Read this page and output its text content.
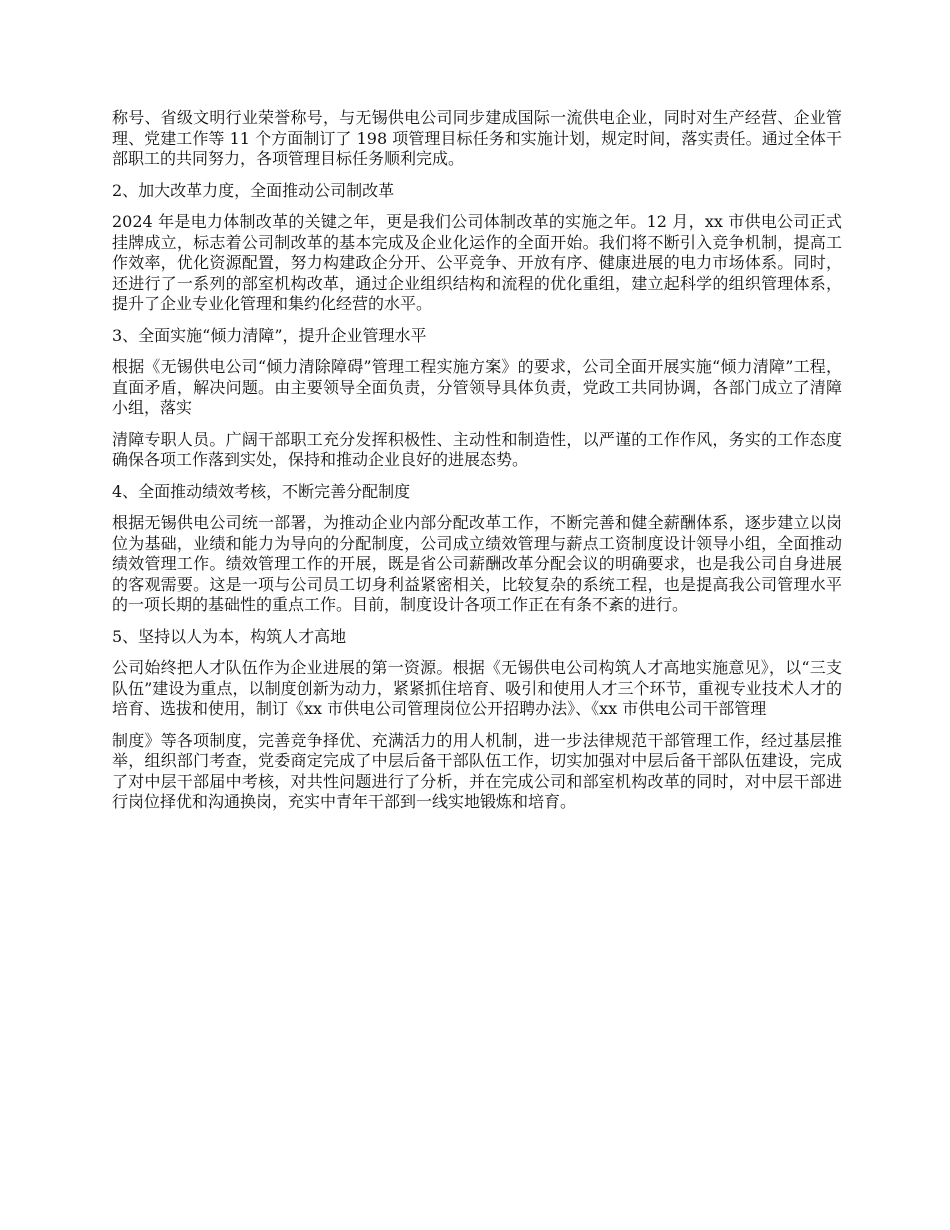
称号、省级文明行业荣誉称号，与无锡供电公司同步建成国际一流供电企业，同时对生产经营、企业管理、党建工作等 11 个方面制订了 198 项管理目标任务和实施计划，规定时间，落实责任。通过全体干部职工的共同努力，各项管理目标任务顺利完成。

2、加大改革力度，全面推动公司制改革

2024 年是电力体制改革的关键之年，更是我们公司体制改革的实施之年。12 月，xx 市供电公司正式挂牌成立，标志着公司制改革的基本完成及企业化运作的全面开始。我们将不断引入竞争机制，提高工作效率，优化资源配置，努力构建政企分开、公平竞争、开放有序、健康进展的电力市场体系。同时，还进行了一系列的部室机构改革，通过企业组织结构和流程的优化重组，建立起科学的组织管理体系，提升了企业专业化管理和集约化经营的水平。

3、全面实施“倾力清障”，提升企业管理水平

根据《无锡供电公司“倾力清除障碍”管理工程实施方案》的要求，公司全面开展实施“倾力清障”工程，直面矛盾，解决问题。由主要领导全面负责，分管领导具体负责，党政工共同协调，各部门成立了清障小组，落实

清障专职人员。广阔干部职工充分发挥积极性、主动性和制造性，以严谨的工作作风，务实的工作态度确保各项工作落到实处，保持和推动企业良好的进展态势。

4、全面推动绩效考核，不断完善分配制度

根据无锡供电公司统一部署，为推动企业内部分配改革工作，不断完善和健全薪酬体系，逐步建立以岗位为基础，业绩和能力为导向的分配制度，公司成立绩效管理与薪点工资制度设计领导小组，全面推动绩效管理工作。绩效管理工作的开展，既是省公司薪酬改革分配会议的明确要求，也是我公司自身进展的客观需要。这是一项与公司员工切身利益紧密相关，比较复杂的系统工程，也是提高我公司管理水平的一项长期的基础性的重点工作。目前，制度设计各项工作正在有条不紊的进行。

5、坚持以人为本，构筑人才高地

公司始终把人才队伍作为企业进展的第一资源。根据《无锡供电公司构筑人才高地实施意见》，以“三支队伍”建设为重点，以制度创新为动力，紧紧抓住培育、吸引和使用人才三个环节，重视专业技术人才的培育、选拔和使用，制订《xx 市供电公司管理岗位公开招聘办法》、《xx 市供电公司干部管理

制度》等各项制度，完善竞争择优、充满活力的用人机制，进一步法律规范干部管理工作，经过基层推举，组织部门考查，党委商定完成了中层后备干部队伍工作，切实加强对中层后备干部队伍建设，完成了对中层干部届中考核，对共性问题进行了分析，并在完成公司和部室机构改革的同时，对中层干部进行岗位择优和沟通换岗，充实中青年干部到一线实地锻炼和培育。
